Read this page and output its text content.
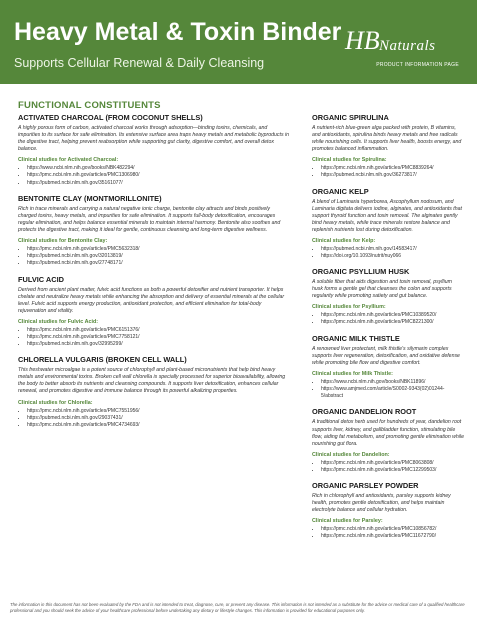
Heavy Metal & Toxin Binder
Supports Cellular Renewal & Daily Cleansing
HB Naturals
PRODUCT INFORMATION PAGE
FUNCTIONAL CONSTITUENTS
ACTIVATED CHARCOAL (FROM COCONUT SHELLS)

A highly porous form of carbon, activated charcoal works through adsorption—binding toxins, chemicals, and impurities to its surface for safe elimination. Its extensive surface area traps heavy metals and metabolic byproducts in the digestive tract, helping prevent reabsorption while supporting gut clarity, digestive comfort, and overall detox balance.

Clinical studies for Activated Charcoal:
• https://www.ncbi.nlm.nih.gov/books/NBK482294/
• https://pmc.ncbi.nlm.nih.gov/articles/PMC1306980/
• https://pubmed.ncbi.nlm.nih.gov/35161077/
BENTONITE CLAY (MONTMORILLONITE)

Rich in trace minerals and carrying a natural negative ionic charge, bentonite clay attracts and binds positively charged toxins, heavy metals, and impurities for safe elimination. It supports full-body detoxification, encourages regular elimination, and helps balance essential minerals to maintain internal harmony. Bentonite also soothes and protects the digestive tract, making it ideal for gentle, continuous cleansing and long-term digestive wellness.

Clinical studies for Bentonite Clay:
• https://pmc.ncbi.nlm.nih.gov/articles/PMC5632318/
• https://pubmed.ncbi.nlm.nih.gov/32013819/
• https://pubmed.ncbi.nlm.nih.gov/27748171/
FULVIC ACID

Derived from ancient plant matter, fulvic acid functions as both a powerful detoxifier and nutrient transporter. It helps chelate and neutralize heavy metals while enhancing the absorption and delivery of essential minerals at the cellular level. Fulvic acid supports energy production, antioxidant protection, and efficient elimination for total-body rejuvenation and vitality.

Clinical studies for Fulvic Acid:
• https://pmc.ncbi.nlm.nih.gov/articles/PMC6151376/
• https://pmc.ncbi.nlm.nih.gov/articles/PMC7758121/
• https://pubmed.ncbi.nlm.nih.gov/32995299/
CHLORELLA VULGARIS (BROKEN CELL WALL)

This freshwater microalgae is a potent source of chlorophyll and plant-based micronutrients that help bind heavy metals and environmental toxins. Broken cell wall chlorella is specially processed for superior bioavailability, allowing the body to better absorb its nutrients and cleansing compounds. It supports liver detoxification, enhances cellular renewal, and promotes digestive and immune balance through its powerful alkalizing properties.

Clinical studies for Chlorella:
• https://pmc.ncbi.nlm.nih.gov/articles/PMC7551956/
• https://pubmed.ncbi.nlm.nih.gov/29037431/
• https://pmc.ncbi.nlm.nih.gov/articles/PMC4734693/
ORGANIC SPIRULINA

A nutrient-rich blue-green alga packed with protein, B vitamins, and antioxidants, spirulina binds heavy metals and free radicals while nourishing cells. It supports liver health, boosts energy, and promotes balanced inflammation.

Clinical studies for Spirulina:
• https://pmc.ncbi.nlm.nih.gov/articles/PMC8839264/
• https://pubmed.ncbi.nlm.nih.gov/36273817/
ORGANIC KELP

A blend of Laminaria hyperborea, Ascophyllum nodosum, and Laminaria digitata delivers iodine, alginates, and antioxidants that support thyroid function and toxin removal. The alginates gently bind heavy metals, while trace minerals restore balance and replenish nutrients lost during detoxification.

Clinical studies for Kelp:
• https://pubmed.ncbi.nlm.nih.gov/14583417/
• https://doi.org/10.1093/nutrit/nuy066
ORGANIC PSYLLIUM HUSK

A soluble fiber that aids digestion and toxin removal, psyllium husk forms a gentle gel that cleanses the colon and supports regularity while promoting satiety and gut balance.

Clinical studies for Psyllium:
• https://pmc.ncbi.nlm.nih.gov/articles/PMC10389520/
• https://pmc.ncbi.nlm.nih.gov/articles/PMC8221300/
ORGANIC MILK THISTLE

A renowned liver protectant, milk thistle's silymarin complex supports liver regeneration, detoxification, and oxidative defense while promoting bile flow and digestive comfort.

Clinical studies for Milk Thistle:
• https://www.ncbi.nlm.nih.gov/books/NBK11896/
• https://www.amjmed.com/article/S0002-9343(02)01244-5/abstract
ORGANIC DANDELION ROOT

A traditional detox herb used for hundreds of year, dandelion root supports liver, kidney, and gallbladder function, stimulating bile flow, aiding fat metabolism, and promoting gentle elimination while nourishing gut flora.

Clinical studies for Dandelion:
• https://pmc.ncbi.nlm.nih.gov/articles/PMC8063808/
• https://pmc.ncbi.nlm.nih.gov/articles/PMC12299503/
ORGANIC PARSLEY POWDER

Rich in chlorophyll and antioxidants, parsley supports kidney health, promotes gentle detoxification, and helps maintain electrolyte balance and cellular hydration.

Clinical studies for Parsley:
• https://pmc.ncbi.nlm.nih.gov/articles/PMC10856782/
• https://pmc.ncbi.nlm.nih.gov/articles/PMC11672790/
The information in this document has not been evaluated by the FDA and is not intended to treat, diagnose, cure, or prevent any disease. This information is not intended as a substitute for the advice or medical care of a qualified healthcare professional and you should seek the advice of your healthcare professional before undertaking any dietary or lifestyle changes. This information is provided for educational purposes only.
